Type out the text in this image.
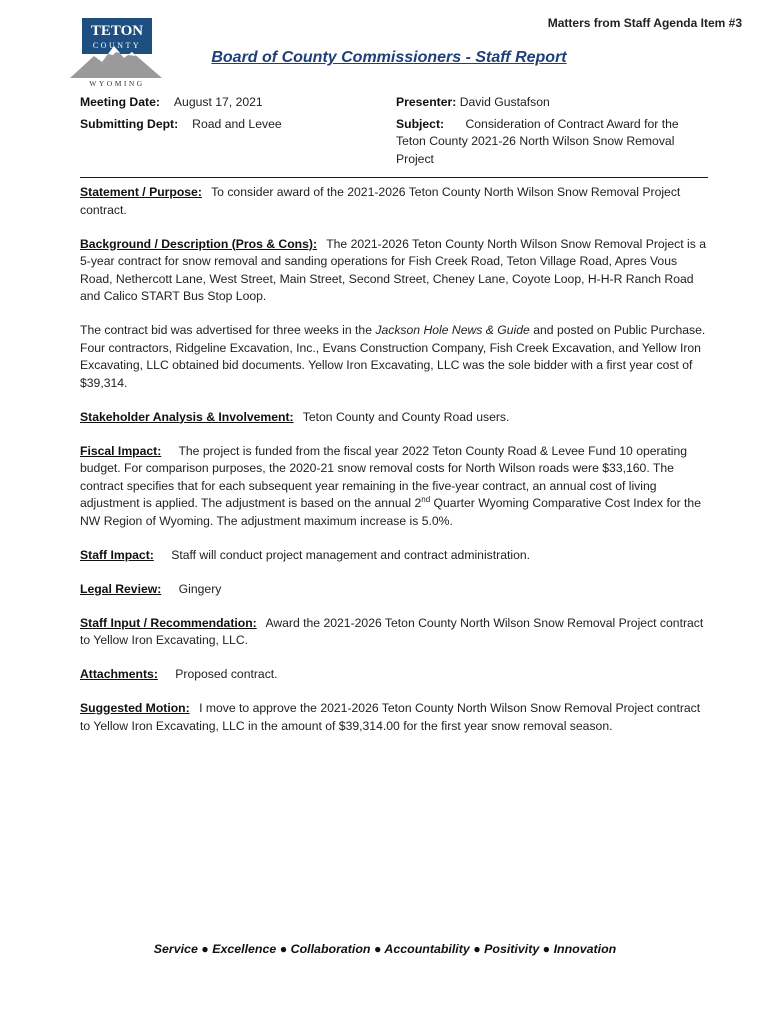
Matters from Staff Agenda Item #3
TETON
COUNTY
WYOMING
Board of County Commissioners - Staff Report
Meeting Date: August 17, 2021
Submitting Dept: Road and Levee
Presenter: David Gustafson
Subject: Consideration of Contract Award for the Teton County 2021-26 North Wilson Snow Removal Project

Statement / Purpose: To consider award of the 2021-2026 Teton County North Wilson Snow Removal Project contract.

Background / Description (Pros & Cons): The 2021-2026 Teton County North Wilson Snow Removal Project is a 5-year contract for snow removal and sanding operations for Fish Creek Road, Teton Village Road, Apres Vous Road, Nethercott Lane, West Street, Main Street, Second Street, Cheney Lane, Coyote Loop, H-H-R Ranch Road and Calico START Bus Stop Loop.

The contract bid was advertised for three weeks in the Jackson Hole News & Guide and posted on Public Purchase. Four contractors, Ridgeline Excavation, Inc., Evans Construction Company, Fish Creek Excavation, and Yellow Iron Excavating, LLC obtained bid documents. Yellow Iron Excavating, LLC was the sole bidder with a first year cost of $39,314.

Stakeholder Analysis & Involvement: Teton County and County Road users.

Fiscal Impact: The project is funded from the fiscal year 2022 Teton County Road & Levee Fund 10 operating budget. For comparison purposes, the 2020-21 snow removal costs for North Wilson roads were $33,160. The contract specifies that for each subsequent year remaining in the five-year contract, an annual cost of living adjustment is applied. The adjustment is based on the annual 2nd Quarter Wyoming Comparative Cost Index for the NW Region of Wyoming. The adjustment maximum increase is 5.0%.

Staff Impact: Staff will conduct project management and contract administration.

Legal Review: Gingery

Staff Input / Recommendation: Award the 2021-2026 Teton County North Wilson Snow Removal Project contract to Yellow Iron Excavating, LLC.

Attachments: Proposed contract.

Suggested Motion: I move to approve the 2021-2026 Teton County North Wilson Snow Removal Project contract to Yellow Iron Excavating, LLC in the amount of $39,314.00 for the first year snow removal season.

Service ● Excellence ● Collaboration ● Accountability ● Positivity ● Innovation
